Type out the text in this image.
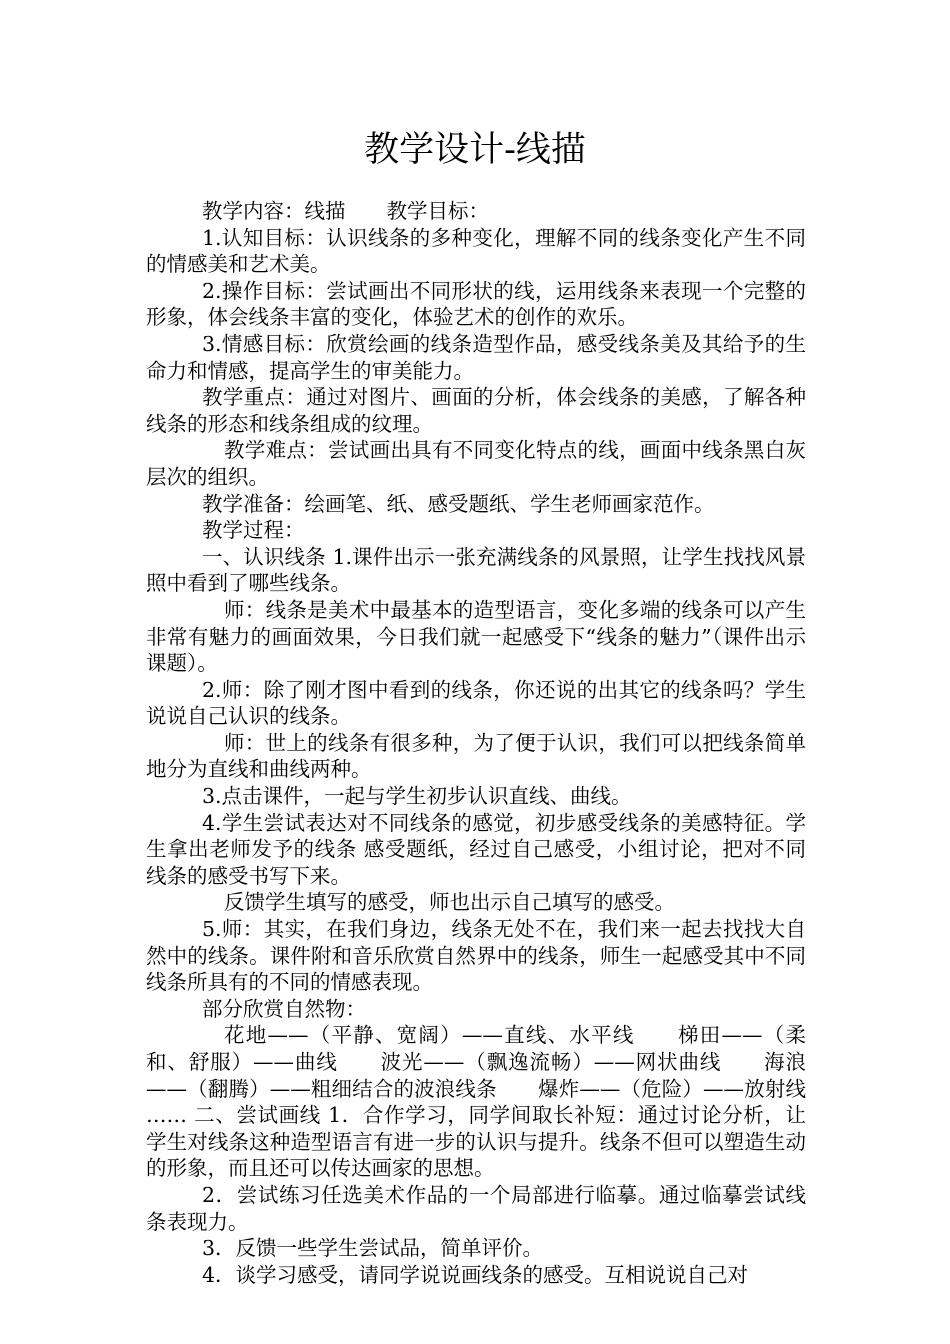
教学设计-线描

教学内容：线描　　教学目标：

1.认知目标：认识线条的多种变化，理解不同的线条变化产生不同的情感美和艺术美。

2.操作目标：尝试画出不同形状的线，运用线条来表现一个完整的形象，体会线条丰富的变化，体验艺术的创作的欢乐。

3.情感目标：欣赏绘画的线条造型作品，感受线条美及其给予的生命力和情感，提高学生的审美能力。

教学重点：通过对图片、画面的分析，体会线条的美感，了解各种线条的形态和线条组成的纹理。

教学难点：尝试画出具有不同变化特点的线，画面中线条黑白灰层次的组织。

教学准备：绘画笔、纸、感受题纸、学生老师画家范作。

教学过程：

一、认识线条 1.课件出示一张充满线条的风景照，让学生找找风景照中看到了哪些线条。

师：线条是美术中最基本的造型语言，变化多端的线条可以产生非常有魅力的画面效果，今日我们就一起感受下“线条的魅力”（课件出示课题）。

2.师：除了刚才图中看到的线条，你还说的出其它的线条吗？学生说说自己认识的线条。

师：世上的线条有很多种，为了便于认识，我们可以把线条简单地分为直线和曲线两种。

3.点击课件，一起与学生初步认识直线、曲线。

4.学生尝试表达对不同线条的感觉，初步感受线条的美感特征。学生拿出老师发予的线条 感受题纸，经过自己感受，小组讨论，把对不同线条的感受书写下来。

反馈学生填写的感受，师也出示自己填写的感受。

5.师：其实，在我们身边，线条无处不在，我们来一起去找找大自然中的线条。课件附和音乐欣赏自然界中的线条，师生一起感受其中不同线条所具有的不同的情感表现。

部分欣赏自然物：

花地——（平静、宽阔）——直线、水平线　　梯田——（柔和、舒服）——曲线　　波光——（飘逸流畅）——网状曲线　　海浪——（翻腾）——粗细结合的波浪线条　　爆炸——（危险）——放射线　　…… 二、尝试画线 1．合作学习，同学间取长补短：通过讨论分析，让学生对线条这种造型语言有进一步的认识与提升。线条不但可以塑造生动的形象，而且还可以传达画家的思想。

2．尝试练习任选美术作品的一个局部进行临摹。通过临摹尝试线条表现力。

3．反馈一些学生尝试品，简单评价。

4．谈学习感受，请同学说说画线条的感受。互相说说自己对
